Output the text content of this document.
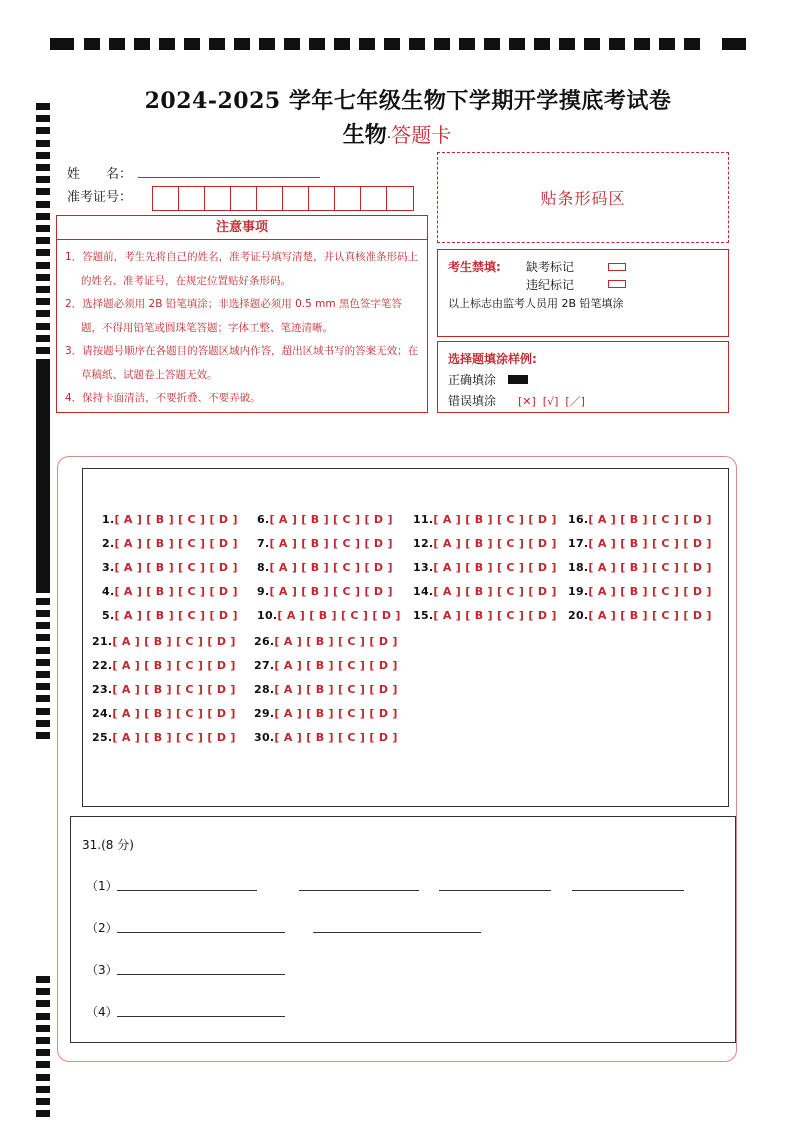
2024-2025 学年七年级生物下学期开学摸底考试卷
生物·答题卡
姓　　名：
准考证号：	贴条形码区
注意事项
1．答题前，考生先将自己的姓名，准考证号填写清楚，并认真核准条形码上的姓名、准考证号，在规定位置贴好条形码。
2．选择题必须用 2B 铅笔填涂；非选择题必须用 0.5 mm 黑色签字笔答题，不得用铅笔或圆珠笔答题；字体工整、笔迹清晰。
3．请按题号顺序在各题目的答题区域内作答，超出区域书写的答案无效；在草稿纸、试题卷上答题无效。
4．保持卡面清洁，不要折叠、不要弄破。
考生禁填: 缺考标记
违纪标记
以上标志由监考人员用 2B 铅笔填涂
选择题填涂样例:
正确填涂
错误填涂 [✕]  [√]  [／]
1.[ A ] [ B ] [ C ] [ D ]
2.[ A ] [ B ] [ C ] [ D ]
3.[ A ] [ B ] [ C ] [ D ]
4.[ A ] [ B ] [ C ] [ D ]
5.[ A ] [ B ] [ C ] [ D ]
6.[ A ] [ B ] [ C ] [ D ]
7.[ A ] [ B ] [ C ] [ D ]
8.[ A ] [ B ] [ C ] [ D ]
9.[ A ] [ B ] [ C ] [ D ]
10.[ A ] [ B ] [ C ] [ D ]
11.[ A ] [ B ] [ C ] [ D ]
12.[ A ] [ B ] [ C ] [ D ]
13.[ A ] [ B ] [ C ] [ D ]
14.[ A ] [ B ] [ C ] [ D ]
15.[ A ] [ B ] [ C ] [ D ]
16.[ A ] [ B ] [ C ] [ D ]
17.[ A ] [ B ] [ C ] [ D ]
18.[ A ] [ B ] [ C ] [ D ]
19.[ A ] [ B ] [ C ] [ D ]
20.[ A ] [ B ] [ C ] [ D ]
21.[ A ] [ B ] [ C ] [ D ]
22.[ A ] [ B ] [ C ] [ D ]
23.[ A ] [ B ] [ C ] [ D ]
24.[ A ] [ B ] [ C ] [ D ]
25.[ A ] [ B ] [ C ] [ D ]
26.[ A ] [ B ] [ C ] [ D ]
27.[ A ] [ B ] [ C ] [ D ]
28.[ A ] [ B ] [ C ] [ D ]
29.[ A ] [ B ] [ C ] [ D ]
30.[ A ] [ B ] [ C ] [ D ]
31.(8 分)
（1）
（2）
（3）
（4）
